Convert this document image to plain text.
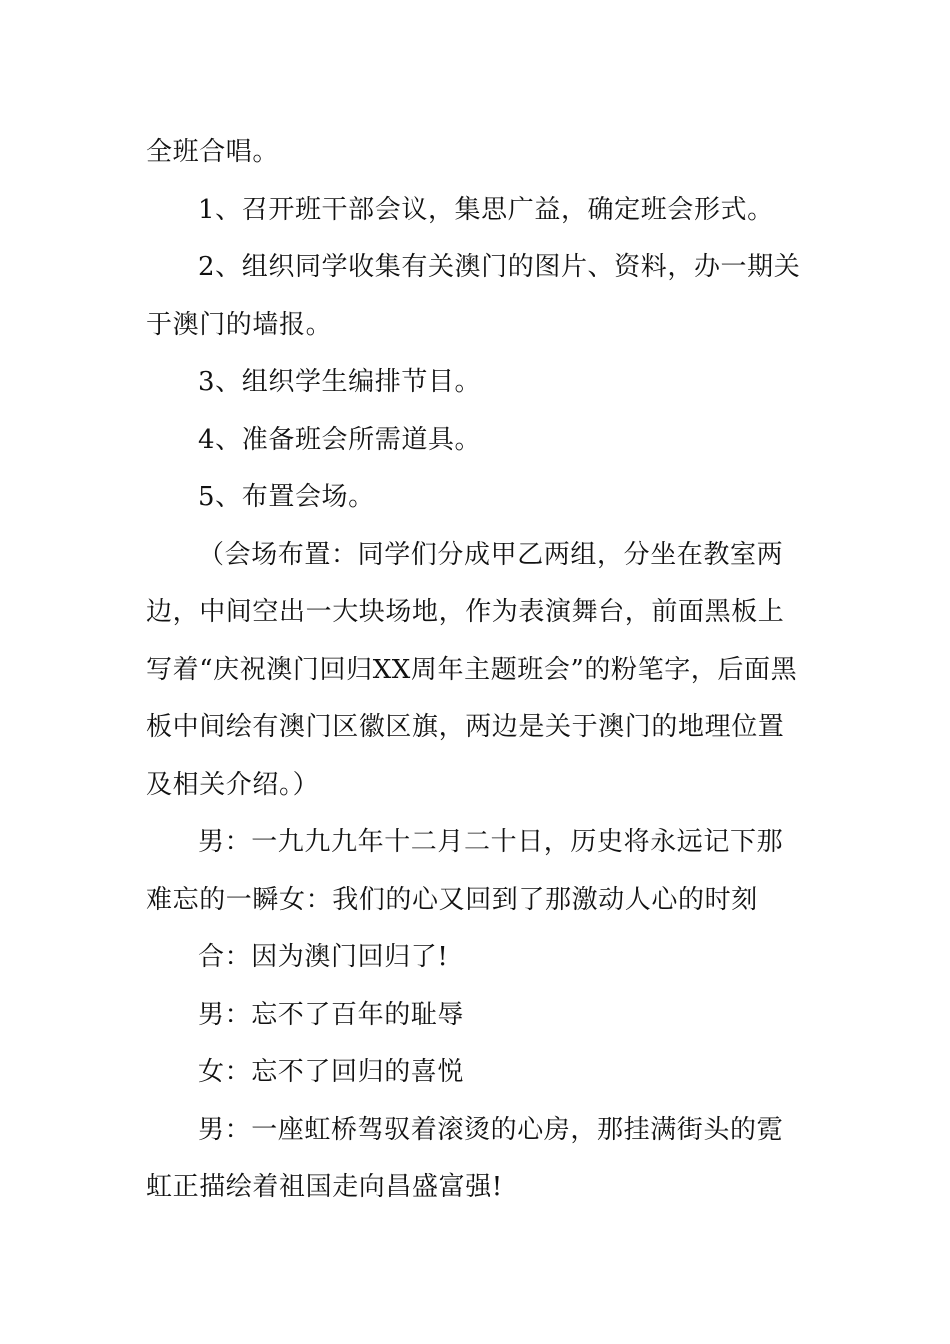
全班合唱。

1、召开班干部会议，集思广益，确定班会形式。

2、组织同学收集有关澳门的图片、资料，办一期关于澳门的墙报。

3、组织学生编排节目。

4、准备班会所需道具。

5、布置会场。

（会场布置：同学们分成甲乙两组，分坐在教室两边，中间空出一大块场地，作为表演舞台，前面黑板上写着“庆祝澳门回归XX周年主题班会”的粉笔字，后面黑板中间绘有澳门区徽区旗，两边是关于澳门的地理位置及相关介绍。）

男：一九九九年十二月二十日，历史将永远记下那难忘的一瞬女：我们的心又回到了那激动人心的时刻

合：因为澳门回归了!

男：忘不了百年的耻辱

女：忘不了回归的喜悦

男：一座虹桥驾驭着滚烫的心房，那挂满街头的霓虹正描绘着祖国走向昌盛富强!
